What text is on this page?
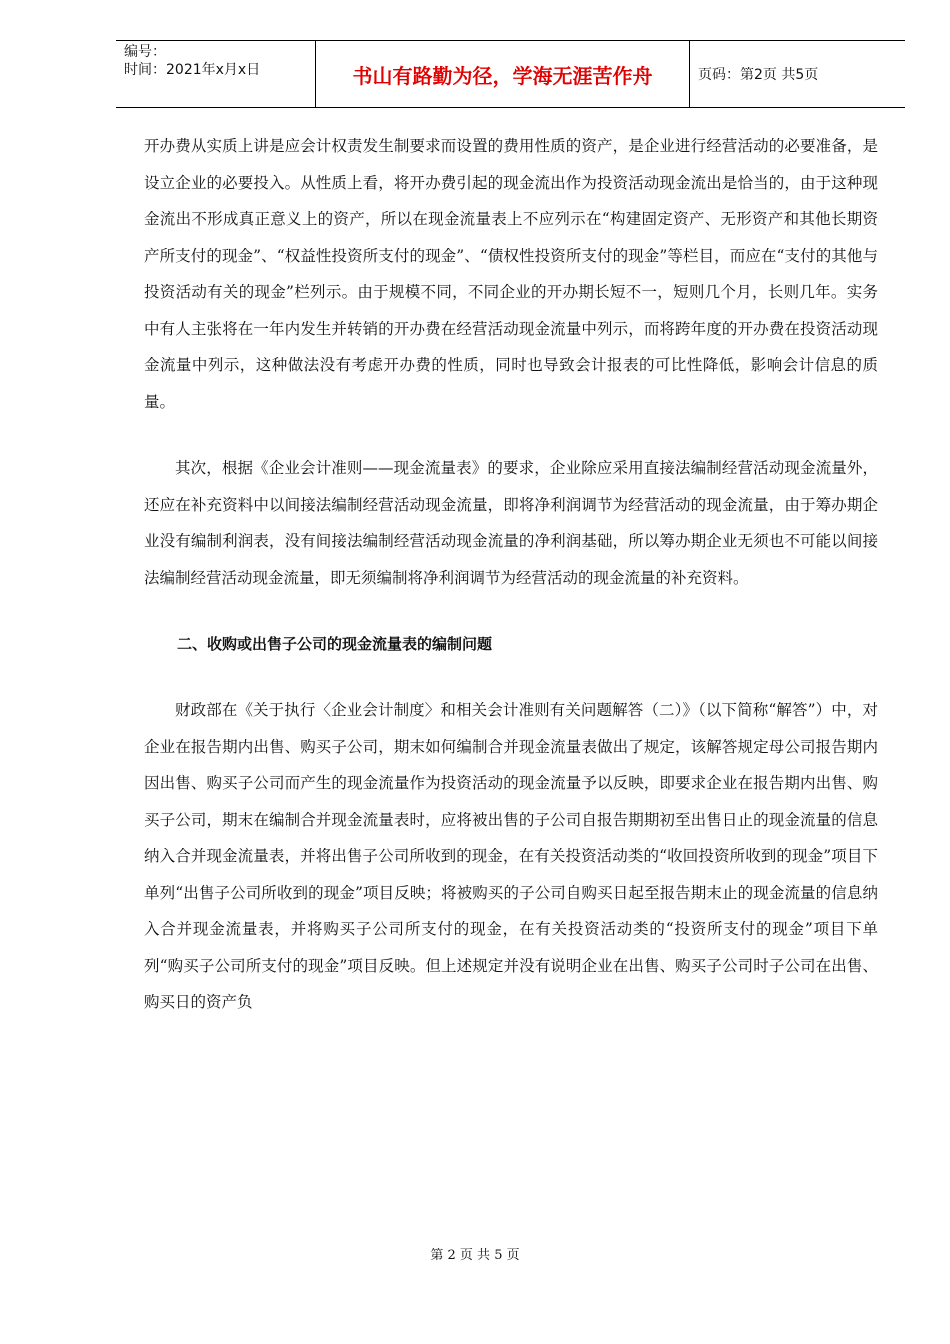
编号：
时间：2021年x月x日	书山有路勤为径，学海无涯苦作舟	页码：第2页 共5页

开办费从实质上讲是应会计权责发生制要求而设置的费用性质的资产，是企业进行经营活动的必要准备，是设立企业的必要投入。从性质上看，将开办费引起的现金流出作为投资活动现金流出是恰当的，由于这种现金流出不形成真正意义上的资产，所以在现金流量表上不应列示在“构建固定资产、无形资产和其他长期资产所支付的现金”、“权益性投资所支付的现金”、“债权性投资所支付的现金”等栏目，而应在“支付的其他与投资活动有关的现金”栏列示。由于规模不同，不同企业的开办期长短不一，短则几个月，长则几年。实务中有人主张将在一年内发生并转销的开办费在经营活动现金流量中列示，而将跨年度的开办费在投资活动现金流量中列示，这种做法没有考虑开办费的性质，同时也导致会计报表的可比性降低，影响会计信息的质量。

其次，根据《企业会计准则——现金流量表》的要求，企业除应采用直接法编制经营活动现金流量外，还应在补充资料中以间接法编制经营活动现金流量，即将净利润调节为经营活动的现金流量，由于筹办期企业没有编制利润表，没有间接法编制经营活动现金流量的净利润基础，所以筹办期企业无须也不可能以间接法编制经营活动现金流量，即无须编制将净利润调节为经营活动的现金流量的补充资料。

二、收购或出售子公司的现金流量表的编制问题

财政部在《关于执行〈企业会计制度〉和相关会计准则有关问题解答（二）》（以下简称“解答”）中，对企业在报告期内出售、购买子公司，期末如何编制合并现金流量表做出了规定，该解答规定母公司报告期内因出售、购买子公司而产生的现金流量作为投资活动的现金流量予以反映，即要求企业在报告期内出售、购买子公司，期末在编制合并现金流量表时，应将被出售的子公司自报告期期初至出售日止的现金流量的信息纳入合并现金流量表，并将出售子公司所收到的现金，在有关投资活动类的“收回投资所收到的现金”项目下单列“出售子公司所收到的现金”项目反映；将被购买的子公司自购买日起至报告期末止的现金流量的信息纳入合并现金流量表，并将购买子公司所支付的现金，在有关投资活动类的“投资所支付的现金”项目下单列“购买子公司所支付的现金”项目反映。但上述规定并没有说明企业在出售、购买子公司时子公司在出售、购买日的资产负

第 2 页 共 5 页
